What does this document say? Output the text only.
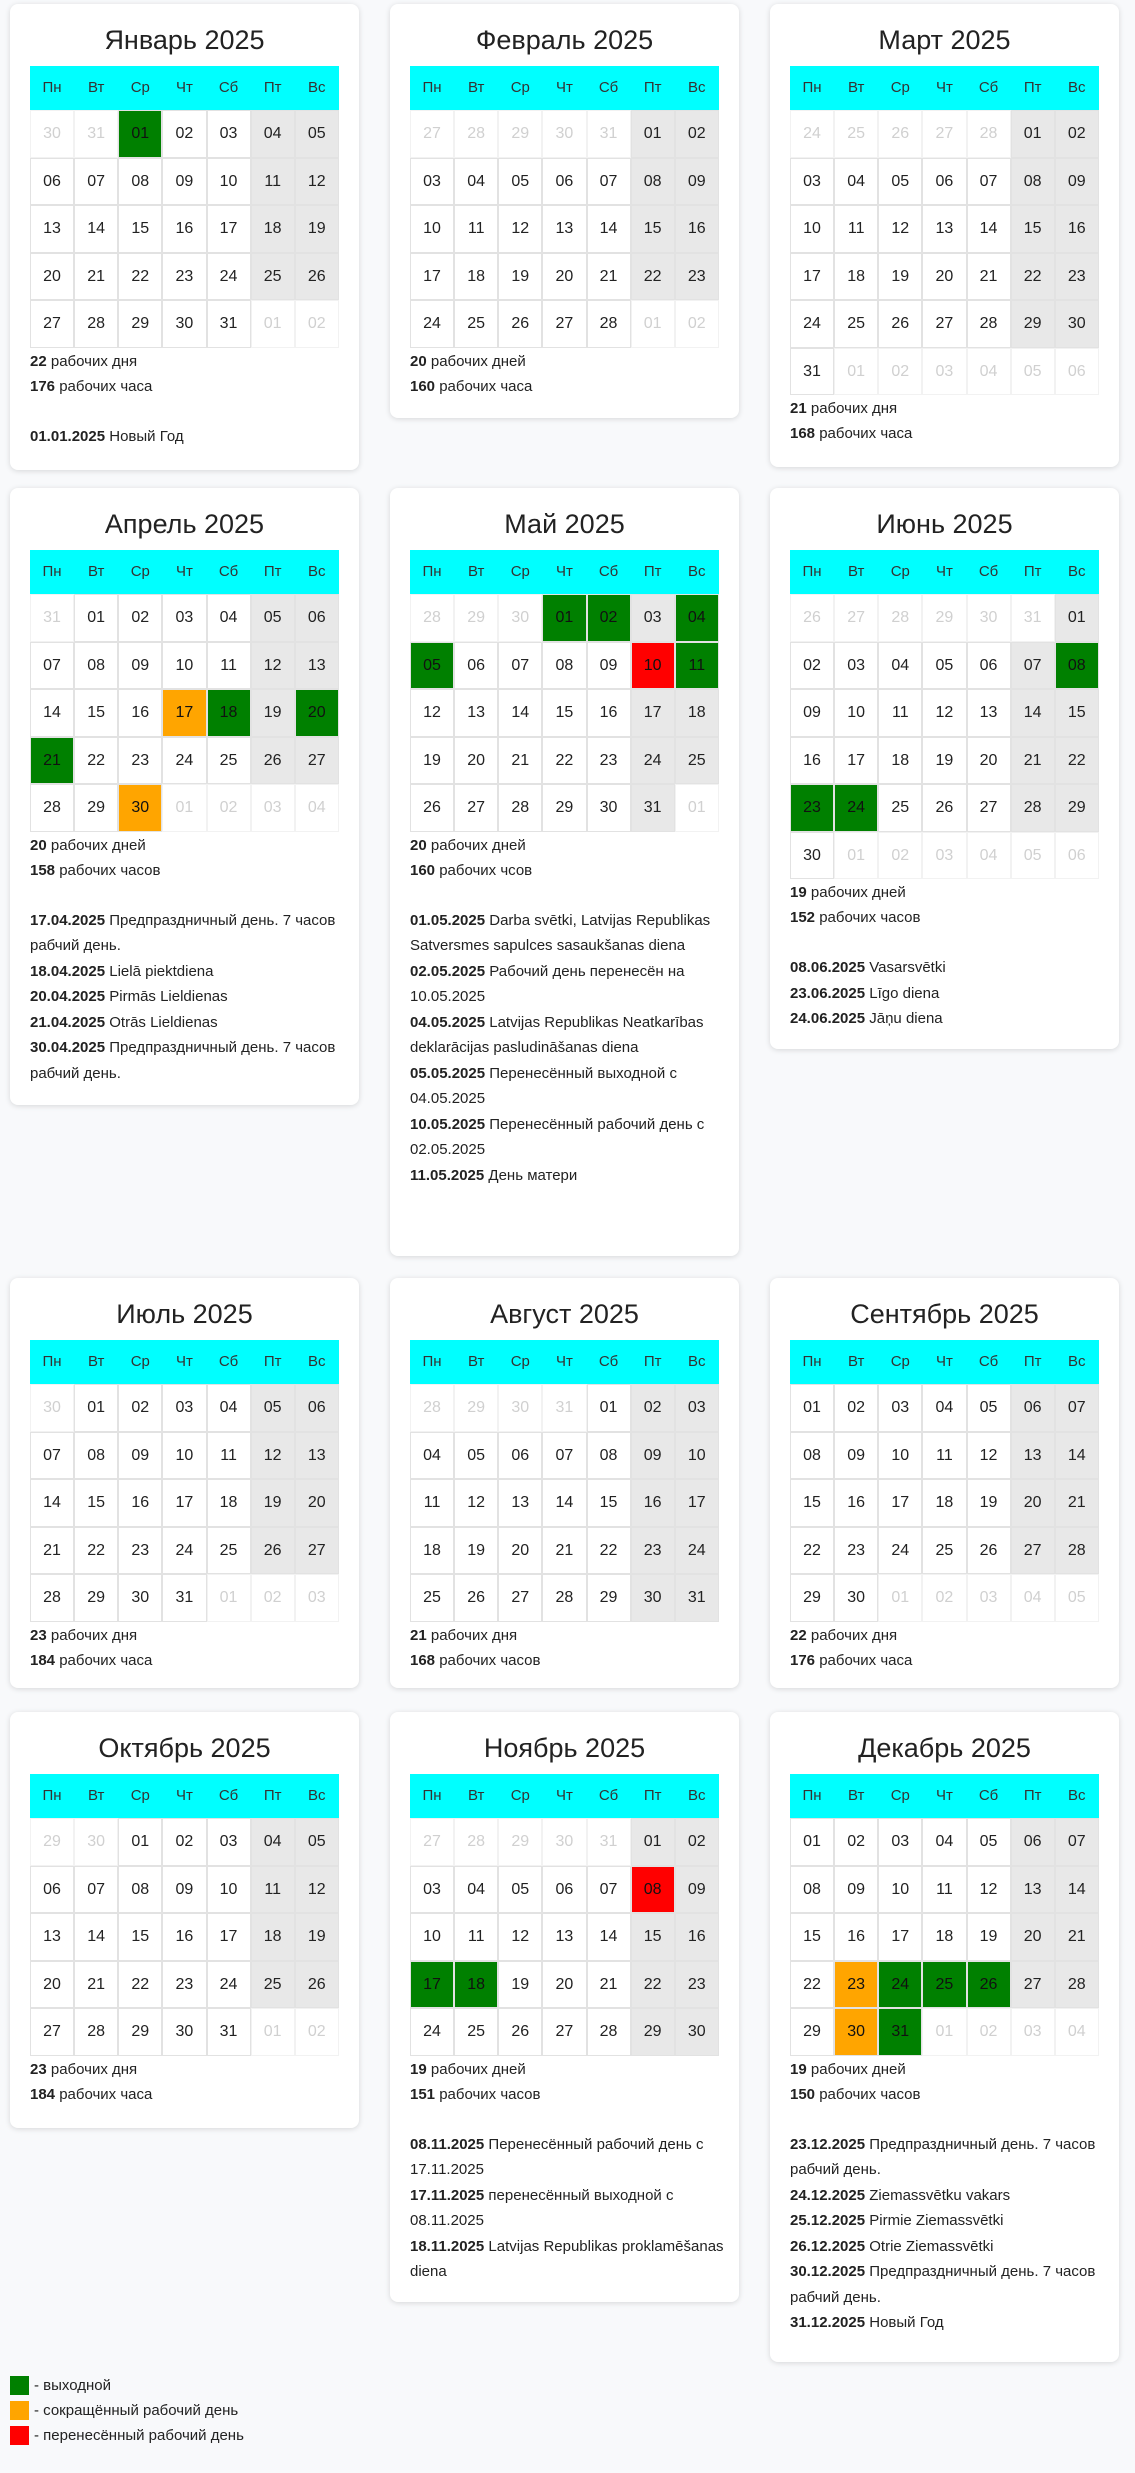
Январь 2025
Пн	Вт	Ср	Чт	Сб	Пт	Вс
30	31	01	02	03	04	05
06	07	08	09	10	11	12
13	14	15	16	17	18	19
20	21	22	23	24	25	26
27	28	29	30	31	01	02
22 рабочих дня
176 рабочих часа
01.01.2025 Новый Год
Февраль 2025
Пн	Вт	Ср	Чт	Сб	Пт	Вс
27	28	29	30	31	01	02
03	04	05	06	07	08	09
10	11	12	13	14	15	16
17	18	19	20	21	22	23
24	25	26	27	28	01	02
20 рабочих дней
160 рабочих часа
Март 2025
Пн	Вт	Ср	Чт	Сб	Пт	Вс
24	25	26	27	28	01	02
03	04	05	06	07	08	09
10	11	12	13	14	15	16
17	18	19	20	21	22	23
24	25	26	27	28	29	30
31	01	02	03	04	05	06
21 рабочих дня
168 рабочих часа
Апрель 2025
Пн	Вт	Ср	Чт	Сб	Пт	Вс
31	01	02	03	04	05	06
07	08	09	10	11	12	13
14	15	16	17	18	19	20
21	22	23	24	25	26	27
28	29	30	01	02	03	04
20 рабочих дней
158 рабочих часов
17.04.2025 Предпраздничный день. 7 часов рабчий день.
18.04.2025 Lielā piektdiena
20.04.2025 Pirmās Lieldienas
21.04.2025 Otrās Lieldienas
30.04.2025 Предпраздничный день. 7 часов рабчий день.
Май 2025
Пн	Вт	Ср	Чт	Сб	Пт	Вс
28	29	30	01	02	03	04
05	06	07	08	09	10	11
12	13	14	15	16	17	18
19	20	21	22	23	24	25
26	27	28	29	30	31	01
20 рабочих дней
160 рабочих чсов
01.05.2025 Darba svētki, Latvijas Republikas Satversmes sapulces sasaukšanas diena
02.05.2025 Рабочий день перенесён на 10.05.2025
04.05.2025 Latvijas Republikas Neatkarības deklarācijas pasludināšanas diena
05.05.2025 Перенесённый выходной с 04.05.2025
10.05.2025 Перенесённый рабочий день с 02.05.2025
11.05.2025 День матери
Июнь 2025
Пн	Вт	Ср	Чт	Сб	Пт	Вс
26	27	28	29	30	31	01
02	03	04	05	06	07	08
09	10	11	12	13	14	15
16	17	18	19	20	21	22
23	24	25	26	27	28	29
30	01	02	03	04	05	06
19 рабочих дней
152 рабочих часов
08.06.2025 Vasarsvētki
23.06.2025 Līgo diena
24.06.2025 Jāņu diena
Июль 2025
Пн	Вт	Ср	Чт	Сб	Пт	Вс
30	01	02	03	04	05	06
07	08	09	10	11	12	13
14	15	16	17	18	19	20
21	22	23	24	25	26	27
28	29	30	31	01	02	03
23 рабочих дня
184 рабочих часа
Август 2025
Пн	Вт	Ср	Чт	Сб	Пт	Вс
28	29	30	31	01	02	03
04	05	06	07	08	09	10
11	12	13	14	15	16	17
18	19	20	21	22	23	24
25	26	27	28	29	30	31
21 рабочих дня
168 рабочих часов
Сентябрь 2025
Пн	Вт	Ср	Чт	Сб	Пт	Вс
01	02	03	04	05	06	07
08	09	10	11	12	13	14
15	16	17	18	19	20	21
22	23	24	25	26	27	28
29	30	01	02	03	04	05
22 рабочих дня
176 рабочих часа
Октябрь 2025
Пн	Вт	Ср	Чт	Сб	Пт	Вс
29	30	01	02	03	04	05
06	07	08	09	10	11	12
13	14	15	16	17	18	19
20	21	22	23	24	25	26
27	28	29	30	31	01	02
23 рабочих дня
184 рабочих часа
Ноябрь 2025
Пн	Вт	Ср	Чт	Сб	Пт	Вс
27	28	29	30	31	01	02
03	04	05	06	07	08	09
10	11	12	13	14	15	16
17	18	19	20	21	22	23
24	25	26	27	28	29	30
19 рабочих дней
151 рабочих часов
08.11.2025 Перенесённый рабочий день с 17.11.2025
17.11.2025 перенесённый выходной с 08.11.2025
18.11.2025 Latvijas Republikas proklamēšanas diena
Декабрь 2025
Пн	Вт	Ср	Чт	Сб	Пт	Вс
01	02	03	04	05	06	07
08	09	10	11	12	13	14
15	16	17	18	19	20	21
22	23	24	25	26	27	28
29	30	31	01	02	03	04
19 рабочих дней
150 рабочих часов
23.12.2025 Предпраздничный день. 7 часов рабчий день.
24.12.2025 Ziemassvētku vakars
25.12.2025 Pirmie Ziemassvētki
26.12.2025 Otrie Ziemassvētki
30.12.2025 Предпраздничный день. 7 часов рабчий день.
31.12.2025 Новый Год
- выходной
- сокращённый рабочий день
- перенесённый рабочий день
